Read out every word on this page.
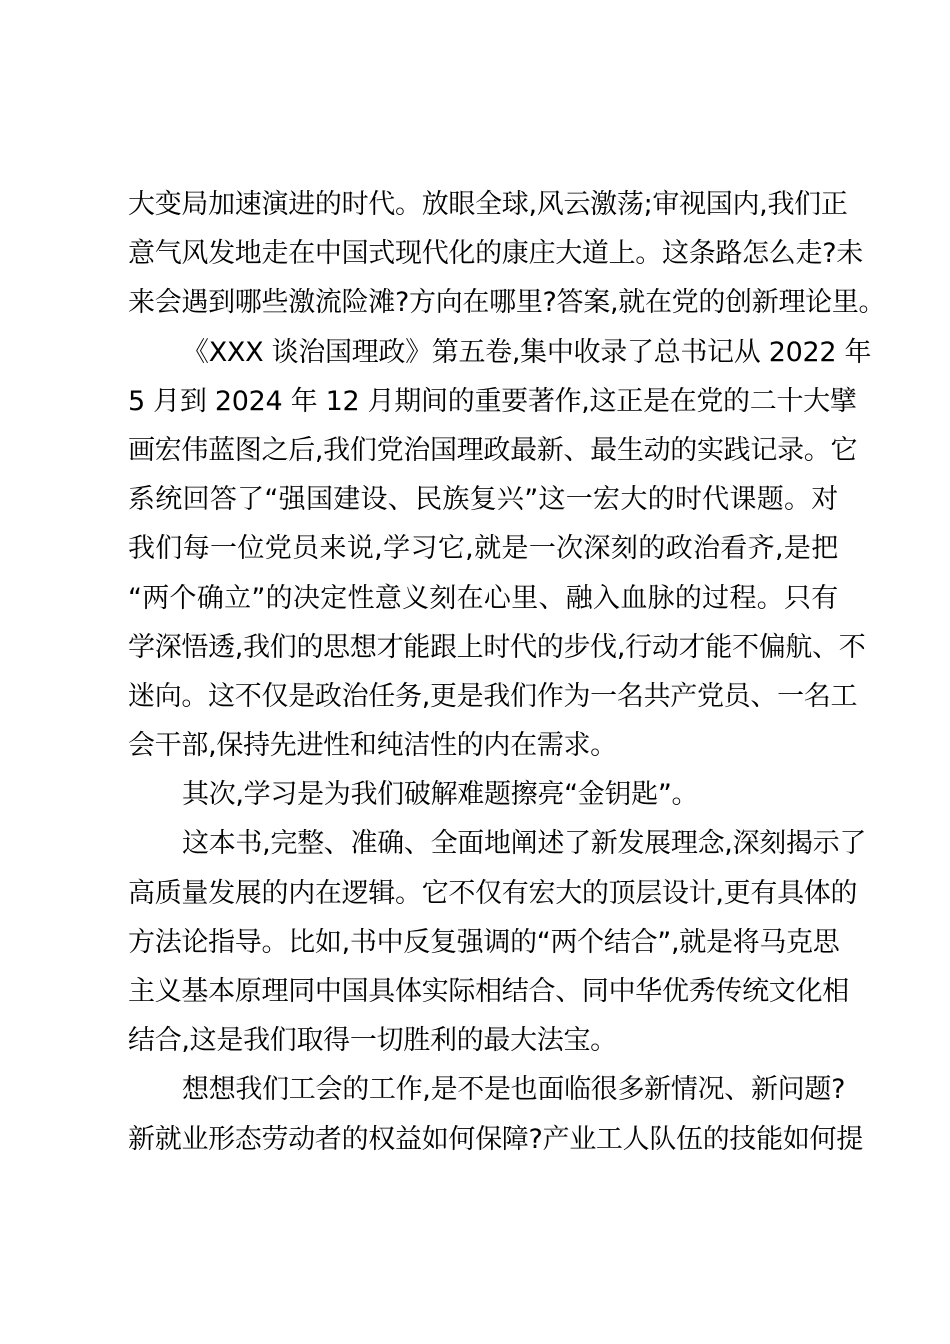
大变局加速演进的时代。放眼全球,风云激荡;审视国内,我们正
意气风发地走在中国式现代化的康庄大道上。这条路怎么走?未
来会遇到哪些激流险滩?方向在哪里?答案,就在党的创新理论里。
《XXX 谈治国理政》第五卷,集中收录了总书记从 2022 年
5 月到 2024 年 12 月期间的重要著作,这正是在党的二十大擘
画宏伟蓝图之后,我们党治国理政最新、最生动的实践记录。它
系统回答了“强国建设、民族复兴”这一宏大的时代课题。对
我们每一位党员来说,学习它,就是一次深刻的政治看齐,是把
“两个确立”的决定性意义刻在心里、融入血脉的过程。只有
学深悟透,我们的思想才能跟上时代的步伐,行动才能不偏航、不
迷向。这不仅是政治任务,更是我们作为一名共产党员、一名工
会干部,保持先进性和纯洁性的内在需求。
其次,学习是为我们破解难题擦亮“金钥匙”。
这本书,完整、准确、全面地阐述了新发展理念,深刻揭示了
高质量发展的内在逻辑。它不仅有宏大的顶层设计,更有具体的
方法论指导。比如,书中反复强调的“两个结合”,就是将马克思
主义基本原理同中国具体实际相结合、同中华优秀传统文化相
结合,这是我们取得一切胜利的最大法宝。
想想我们工会的工作,是不是也面临很多新情况、新问题?
新就业形态劳动者的权益如何保障?产业工人队伍的技能如何提
